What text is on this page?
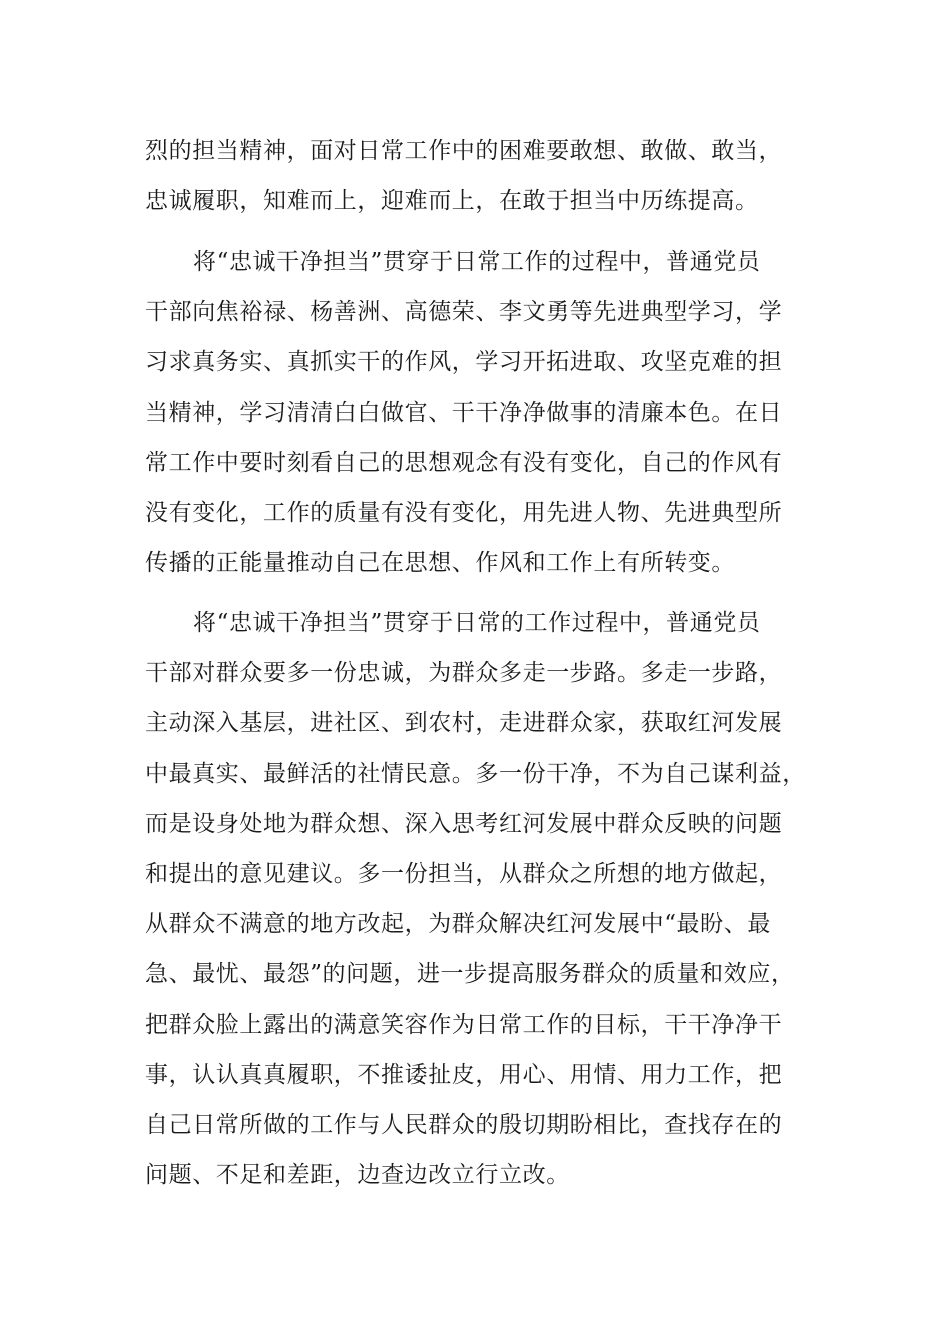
烈的担当精神，面对日常工作中的困难要敢想、敢做、敢当，
忠诚履职，知难而上，迎难而上，在敢于担当中历练提高。
将“忠诚干净担当”贯穿于日常工作的过程中，普通党员
干部向焦裕禄、杨善洲、高德荣、李文勇等先进典型学习，学
习求真务实、真抓实干的作风，学习开拓进取、攻坚克难的担
当精神，学习清清白白做官、干干净净做事的清廉本色。在日
常工作中要时刻看自己的思想观念有没有变化，自己的作风有
没有变化，工作的质量有没有变化，用先进人物、先进典型所
传播的正能量推动自己在思想、作风和工作上有所转变。
将“忠诚干净担当”贯穿于日常的工作过程中，普通党员
干部对群众要多一份忠诚，为群众多走一步路。多走一步路，
主动深入基层，进社区、到农村，走进群众家，获取红河发展
中最真实、最鲜活的社情民意。多一份干净，不为自己谋利益，
而是设身处地为群众想、深入思考红河发展中群众反映的问题
和提出的意见建议。多一份担当，从群众之所想的地方做起，
从群众不满意的地方改起，为群众解决红河发展中“最盼、最
急、最忧、最怨”的问题，进一步提高服务群众的质量和效应，
把群众脸上露出的满意笑容作为日常工作的目标，干干净净干
事，认认真真履职，不推诿扯皮，用心、用情、用力工作，把
自己日常所做的工作与人民群众的殷切期盼相比，查找存在的
问题、不足和差距，边查边改立行立改。
